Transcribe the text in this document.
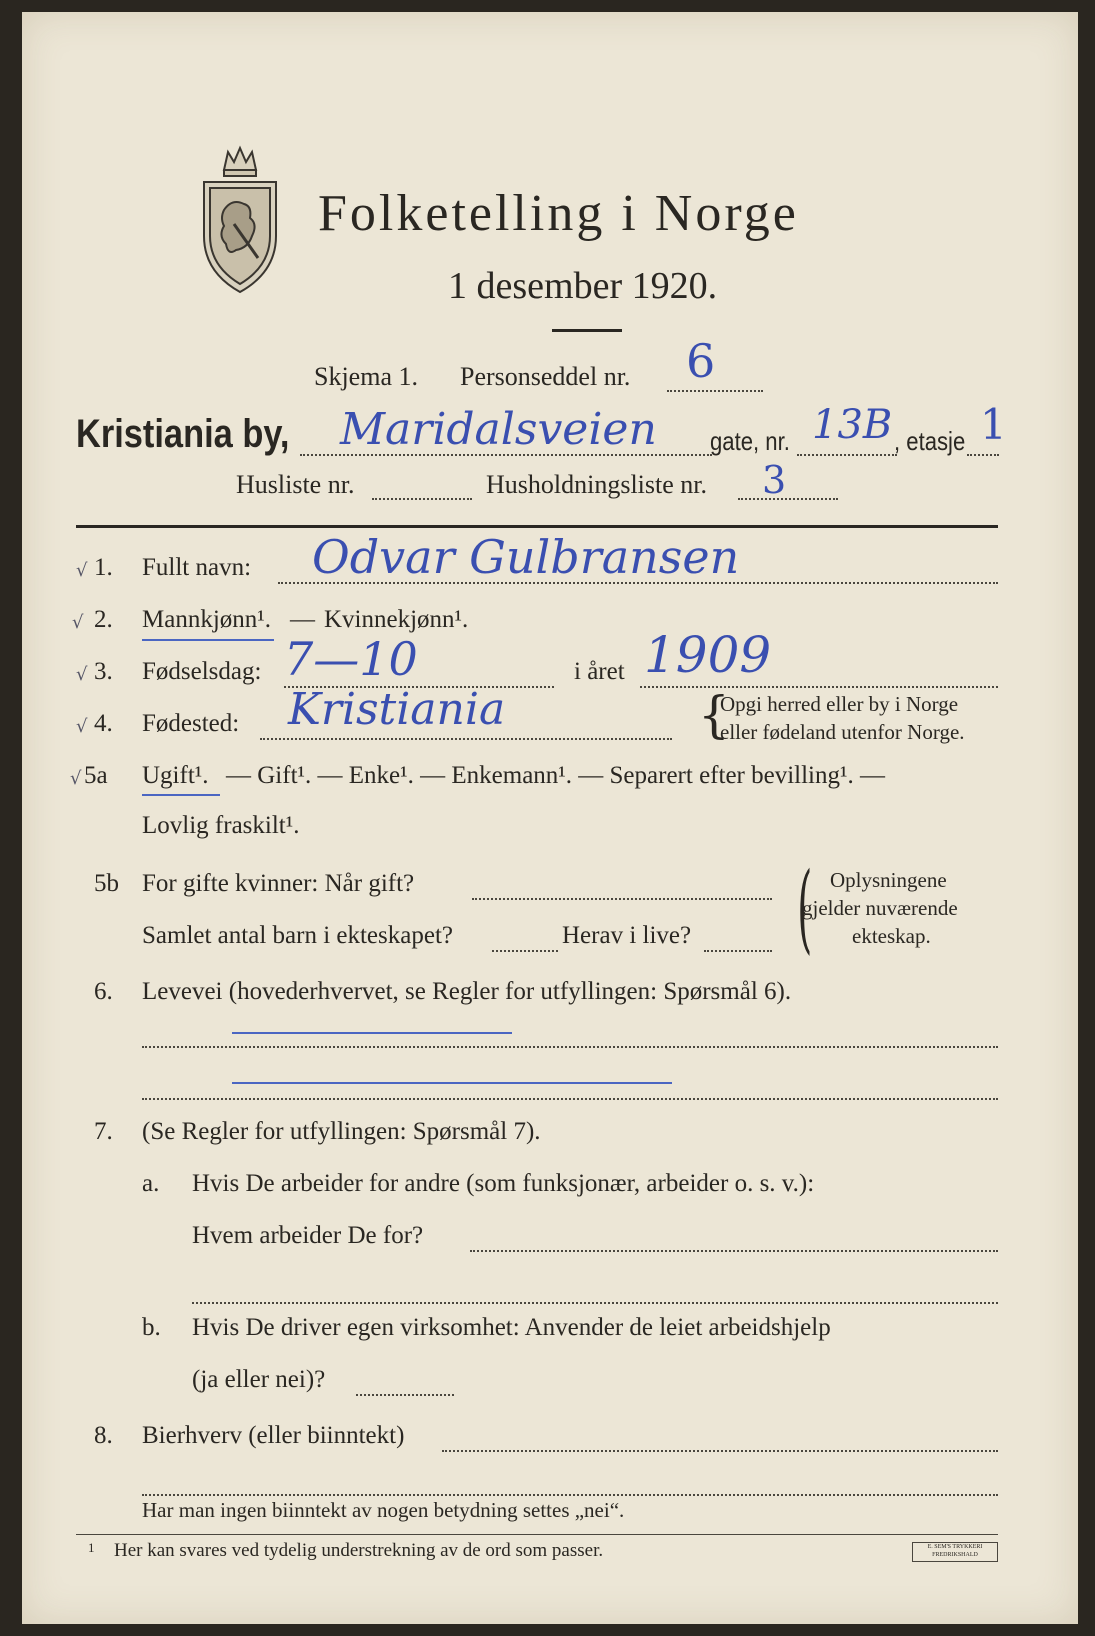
Folketelling i Norge
1 desember 1920.
Skjema 1. Personseddel nr. 6
Kristiania by, Maridalsveien gate, nr. 13B , etasje 1
Husliste nr.	Husholdningsliste nr. 3
√ 1. Fullt navn: Odvar Gulbransen
√ 2. Mannkjønn¹. — Kvinnekjønn¹.
√ 3. Fødselsdag: 7—10	i året 1909
√ 4. Fødested: Kristiania	{
Opgi herred eller by i Norge
eller fødeland utenfor Norge.
√ 5a Ugift¹. — Gift¹. — Enke¹. — Enkemann¹. — Separert efter bevilling¹. —
Lovlig fraskilt¹.
5b For gifte kvinner: Når gift?
Samlet antal barn i ekteskapet?	Herav i live? ( Oplysningene
gjelder nuværende
ekteskap.
6. Levevei (hovederhvervet, se Regler for utfyllingen: Spørsmål 6).
7. (Se Regler for utfyllingen: Spørsmål 7).
a. Hvis De arbeider for andre (som funksjonær, arbeider o. s. v.):
Hvem arbeider De for?
b. Hvis De driver egen virksomhet: Anvender de leiet arbeidshjelp
(ja eller nei)?
8. Bierhverv (eller biinntekt)
Har man ingen biinntekt av nogen betydning settes „nei“.
1 Her kan svares ved tydelig understrekning av de ord som passer.	E. SEM'S TRYKKERI FREDRIKSHALD
